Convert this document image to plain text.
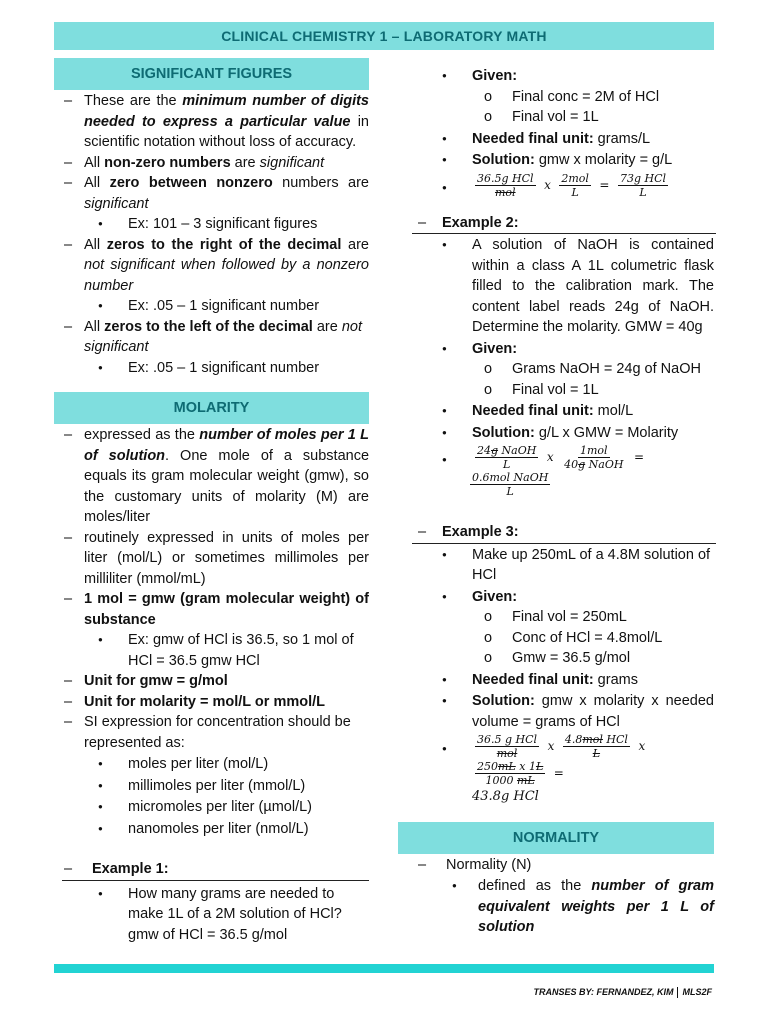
CLINICAL CHEMISTRY 1 – LABORATORY MATH
SIGNIFICANT FIGURES
– These are the minimum number of digits needed to express a particular value in scientific notation without loss of accuracy.
– All non-zero numbers are significant
– All zero between nonzero numbers are significant
●	Ex: 101 – 3 significant figures
– All zeros to the right of the decimal are not significant when followed by a nonzero number
●	Ex: .05 – 1 significant number
– All zeros to the left of the decimal are not significant
●	Ex: .05 – 1 significant number
MOLARITY
– expressed as the number of moles per 1 L of solution. One mole of a substance equals its gram molecular weight (gmw), so the customary units of molarity (M) are moles/liter
– routinely expressed in units of moles per liter (mol/L) or sometimes millimoles per milliliter (mmol/mL)
– 1 mol = gmw (gram molecular weight) of substance
●	Ex: gmw of HCl is 36.5, so 1 mol of HCl = 36.5 gmw HCl
– Unit for gmw = g/mol
– Unit for molarity = mol/L or mmol/L
– SI expression for concentration should be represented as:
●	moles per liter (mol/L)
●	millimoles per liter (mmol/L)
●	micromoles per liter (µmol/L)
●	nanomoles per liter (nmol/L)
–	Example 1:
●	How many grams are needed to make 1L of a 2M solution of HCl? gmw of HCl = 36.5 g/mol
●	Given:
o	Final conc = 2M of HCl
o	Final vol = 1L
●	Needed final unit: grams/L
●	Solution: gmw x molarity = g/L
●	$\frac{\text{36.5g HCl}}{\text{mol}}$ x $\frac{\text{2mol}}{L} = \frac{\text{73g HCl}}{L}$
–	Example 2:
●	A solution of NaOH is contained within a class A 1L columetric flask filled to the calibration mark. The content label reads 24g of NaOH. Determine the molarity. GMW = 40g
●	Given:
o	Grams NaOH = 24g of NaOH
o	Final vol = 1L
●	Needed final unit: mol/L
●	Solution: g/L x GMW = Molarity
●	$\frac{\text{24g NaOH}}{L}$ x $\frac{\text{1mol}}{\text{40g NaOH}}$ =

$\frac{\text{0.6mol NaOH}}{L}$
–	Example 3:
●	Make up 250mL of a 4.8M solution of HCl
●	Given:
o	Final vol = 250mL
o	Conc of HCl = 4.8mol/L
o	Gmw = 36.5 g/mol
●	Needed final unit: grams
●	Solution: gmw x molarity x needed volume = grams of HCl
●	$\frac{\text{36.5 g HCl}}{\text{mol}}$ x $\frac{\text{4.8mol HCl}}{L}$ x
$\frac{\text{250mL x 1L}}{1000 mL}$ =
43.8g HCl
NORMALITY
–	Normality (N)
●	defined as the number of gram equivalent weights per 1 L of solution
TRANSES BY: FERNANDEZ, KIM MLS2F
